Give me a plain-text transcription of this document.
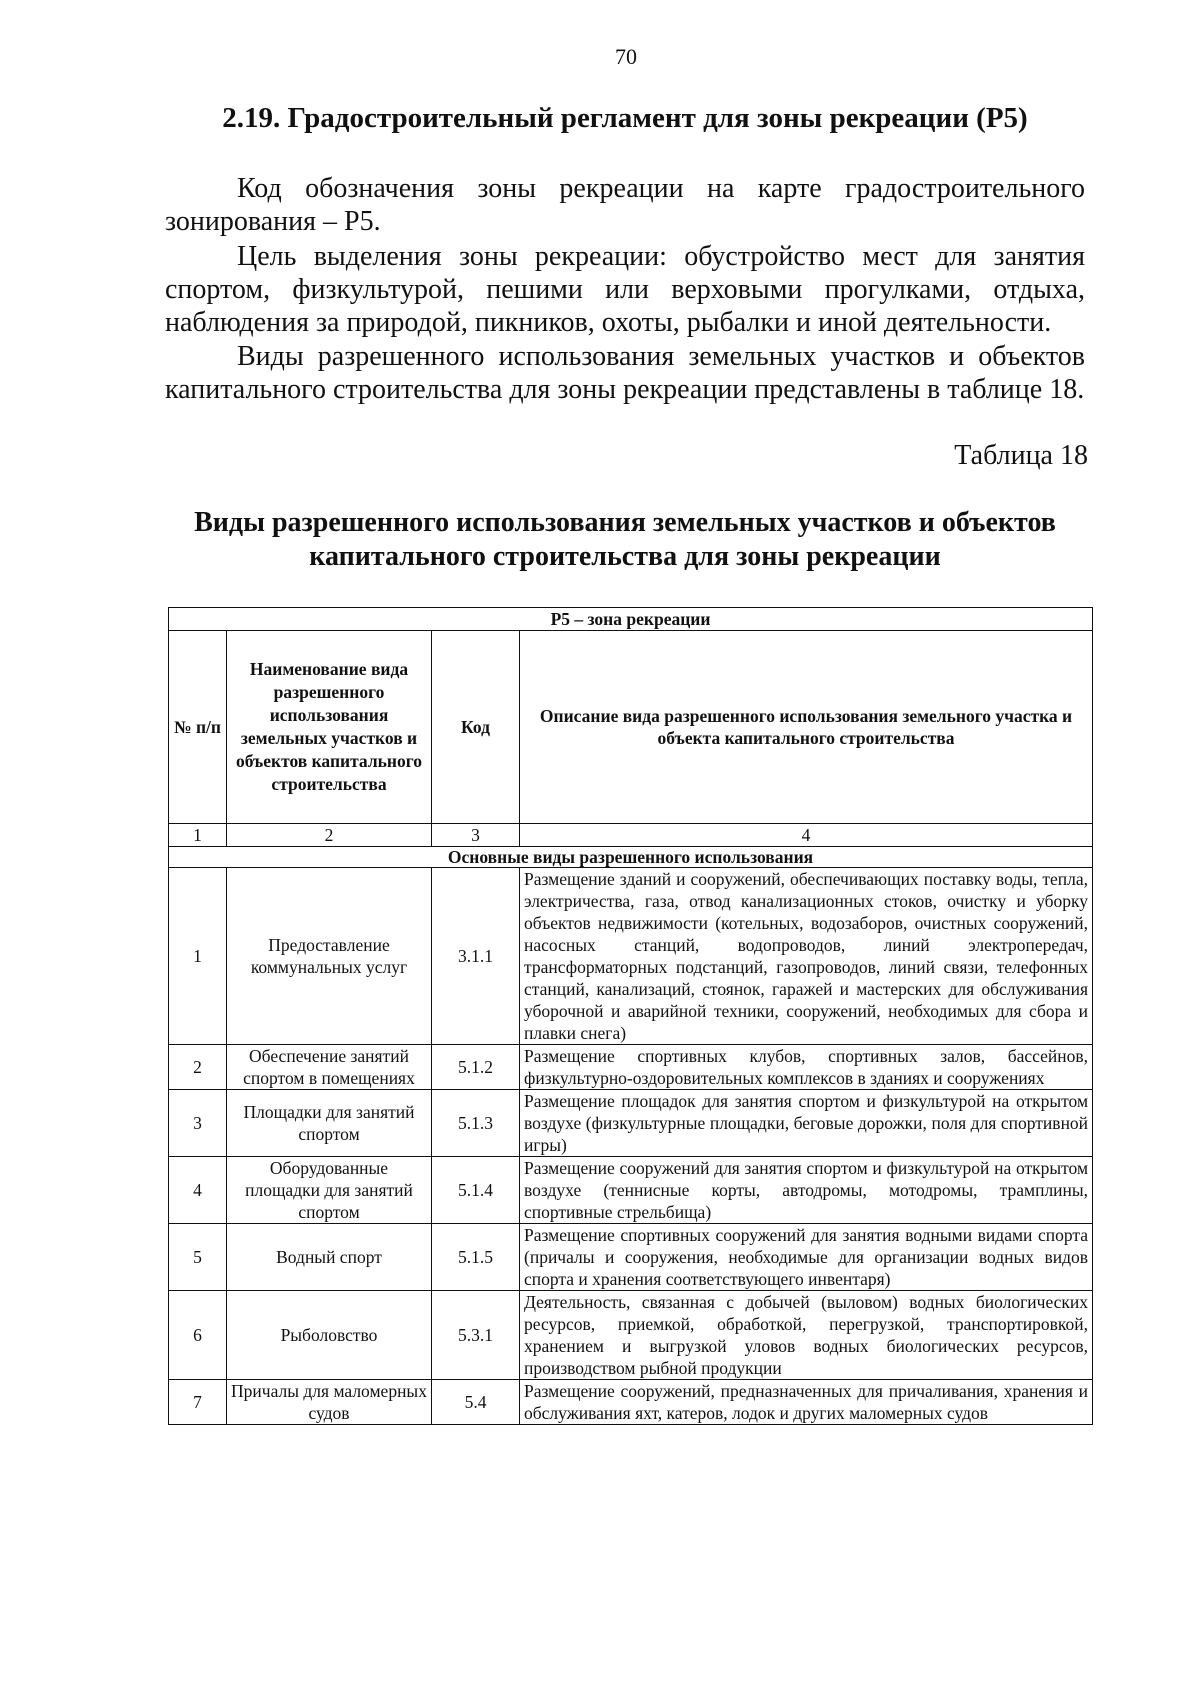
70
2.19. Градостроительный регламент для зоны рекреации (Р5)

Код обозначения зоны рекреации на карте градостроительного зонирования – Р5.

Цель выделения зоны рекреации: обустройство мест для занятия спортом, физкультурой, пешими или верховыми прогулками, отдыха, наблюдения за природой, пикников, охоты, рыбалки и иной деятельности.

Виды разрешенного использования земельных участков и объектов капитального строительства для зоны рекреации представлены в таблице 18.

Таблица 18
Виды разрешенного использования земельных участков и объектов капитального строительства для зоны рекреации
Р5 – зона рекреации			
№ п/п	Наименование вида разрешенного использования земельных участков и объектов капитального строительства	Код	Описание вида разрешенного использования земельного участка и объекта капитального строительства
1	2	3	4
Основные виды разрешенного использования			
1	Предоставление коммунальных услуг	3.1.1	Размещение зданий и сооружений, обеспечивающих поставку воды, тепла, электричества, газа, отвод канализационных стоков, очистку и уборку объектов недвижимости (котельных, водозаборов, очистных сооружений, насосных станций, водопроводов, линий электропередач, трансформаторных подстанций, газопроводов, линий связи, телефонных станций, канализаций, стоянок, гаражей и мастерских для обслуживания уборочной и аварийной техники, сооружений, необходимых для сбора и плавки снега)
2	Обеспечение занятий спортом в помещениях	5.1.2	Размещение спортивных клубов, спортивных залов, бассейнов, физкультурно-оздоровительных комплексов в зданиях и сооружениях
3	Площадки для занятий спортом	5.1.3	Размещение площадок для занятия спортом и физкультурой на открытом воздухе (физкультурные площадки, беговые дорожки, поля для спортивной игры)
4	Оборудованные площадки для занятий спортом	5.1.4	Размещение сооружений для занятия спортом и физкультурой на открытом воздухе (теннисные корты, автодромы, мотодромы, трамплины, спортивные стрельбища)
5	Водный спорт	5.1.5	Размещение спортивных сооружений для занятия водными видами спорта (причалы и сооружения, необходимые для организации водных видов спорта и хранения соответствующего инвентаря)
6	Рыболовство	5.3.1	Деятельность, связанная с добычей (выловом) водных биологических ресурсов, приемкой, обработкой, перегрузкой, транспортировкой, хранением и выгрузкой уловов водных биологических ресурсов, производством рыбной продукции
7	Причалы для маломерных судов	5.4	Размещение сооружений, предназначенных для причаливания, хранения и обслуживания яхт, катеров, лодок и других маломерных судов
